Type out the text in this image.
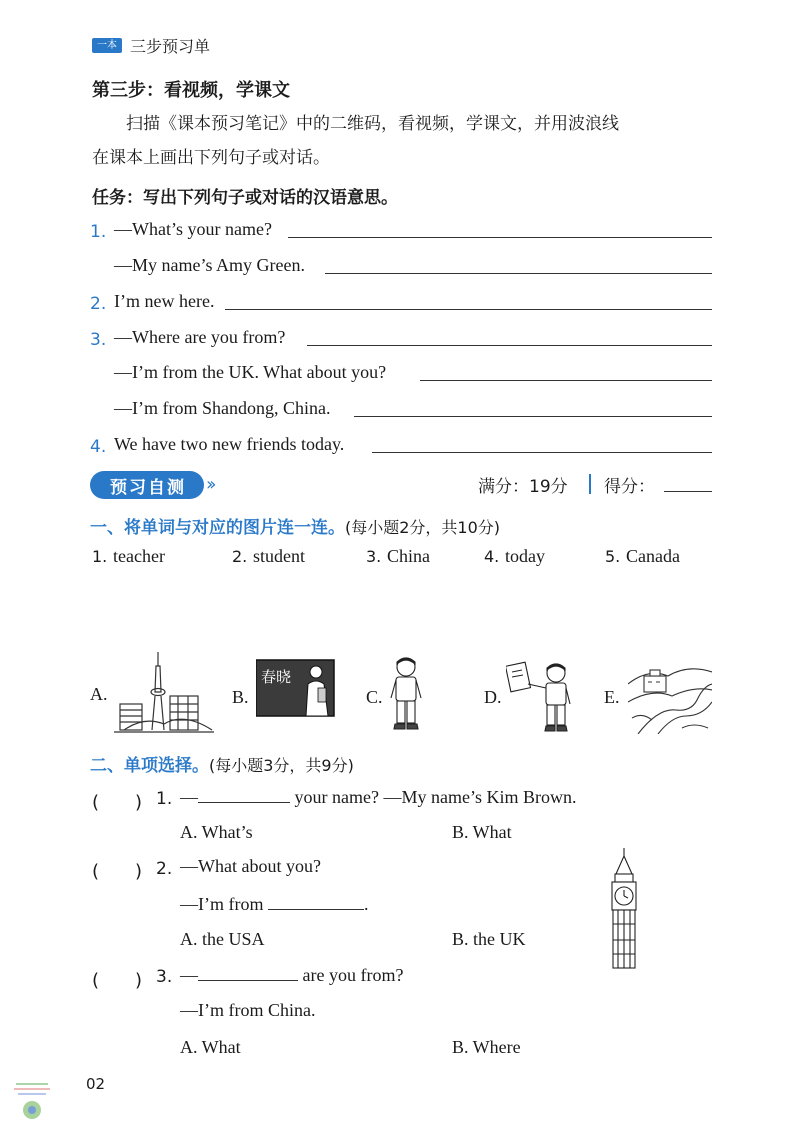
一本 三步预习单
第三步：看视频，学课文
扫描《课本预习笔记》中的二维码，看视频，学课文，并用波浪线
在课本上画出下列句子或对话。
任务：写出下列句子或对话的汉语意思。
1. —What’s your name?
—My name’s Amy Green.
2. I’m new here.
3. —Where are you from?
—I’m from the UK. What about you?
—I’m from Shandong, China.
4. We have two new friends today.
预 习 自 测 ››	满分：19分 得分：
一、将单词与对应的图片连一连。(每小题2分，共10分)
1. teacher	2. student	3. China	4. today	5. Canada
A.	B.
春晓
C.	D.	E.
二、单项选择。(每小题3分，共9分)
(　　) 1. —	your name? —My name’s Kim Brown.
A. What’s	B. What
(　　) 2. —What about you?
—I’m from	.
A. the USA	B. the UK
(　　) 3. —	are you from?
—I’m from China.
A. What	B. Where
02
